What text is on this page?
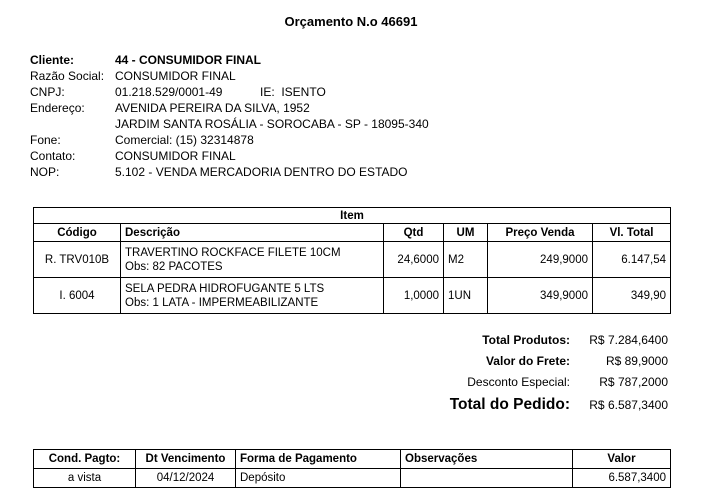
Orçamento N.o 46691
Cliente:	44 - CONSUMIDOR FINAL
Razão Social: CONSUMIDOR FINAL
CNPJ:	01.218.529/0001-49	IE: ISENTO
Endereço:	AVENIDA PEREIRA DA SILVA, 1952
JARDIM SANTA ROSÁLIA - SOROCABA - SP - 18095-340
Fone:	Comercial: (15) 32314878
Contato:	CONSUMIDOR FINAL
NOP:	5.102 - VENDA MERCADORIA DENTRO DO ESTADO
Item					
Código	Descrição	Qtd	UM	Preço Venda	Vl. Total
R. TRV010B	TRAVERTINO ROCKFACE FILETE 10CM
Obs: 82 PACOTES	24,6000	M2	249,9000	6.147,54
I. 6004	SELA PEDRA HIDROFUGANTE 5 LTS
Obs: 1 LATA - IMPERMEABILIZANTE	1,0000	1UN	349,9000	349,90
Total Produtos: R$ 7.284,6400
Valor do Frete:	R$ 89,9000
Desconto Especial: R$ 787,2000
Total do Pedido: R$ 6.587,3400
Cond. Pagto:	Dt Vencimento	Forma de Pagamento	Observações	Valor
a vista	04/12/2024	Depósito		6.587,3400
